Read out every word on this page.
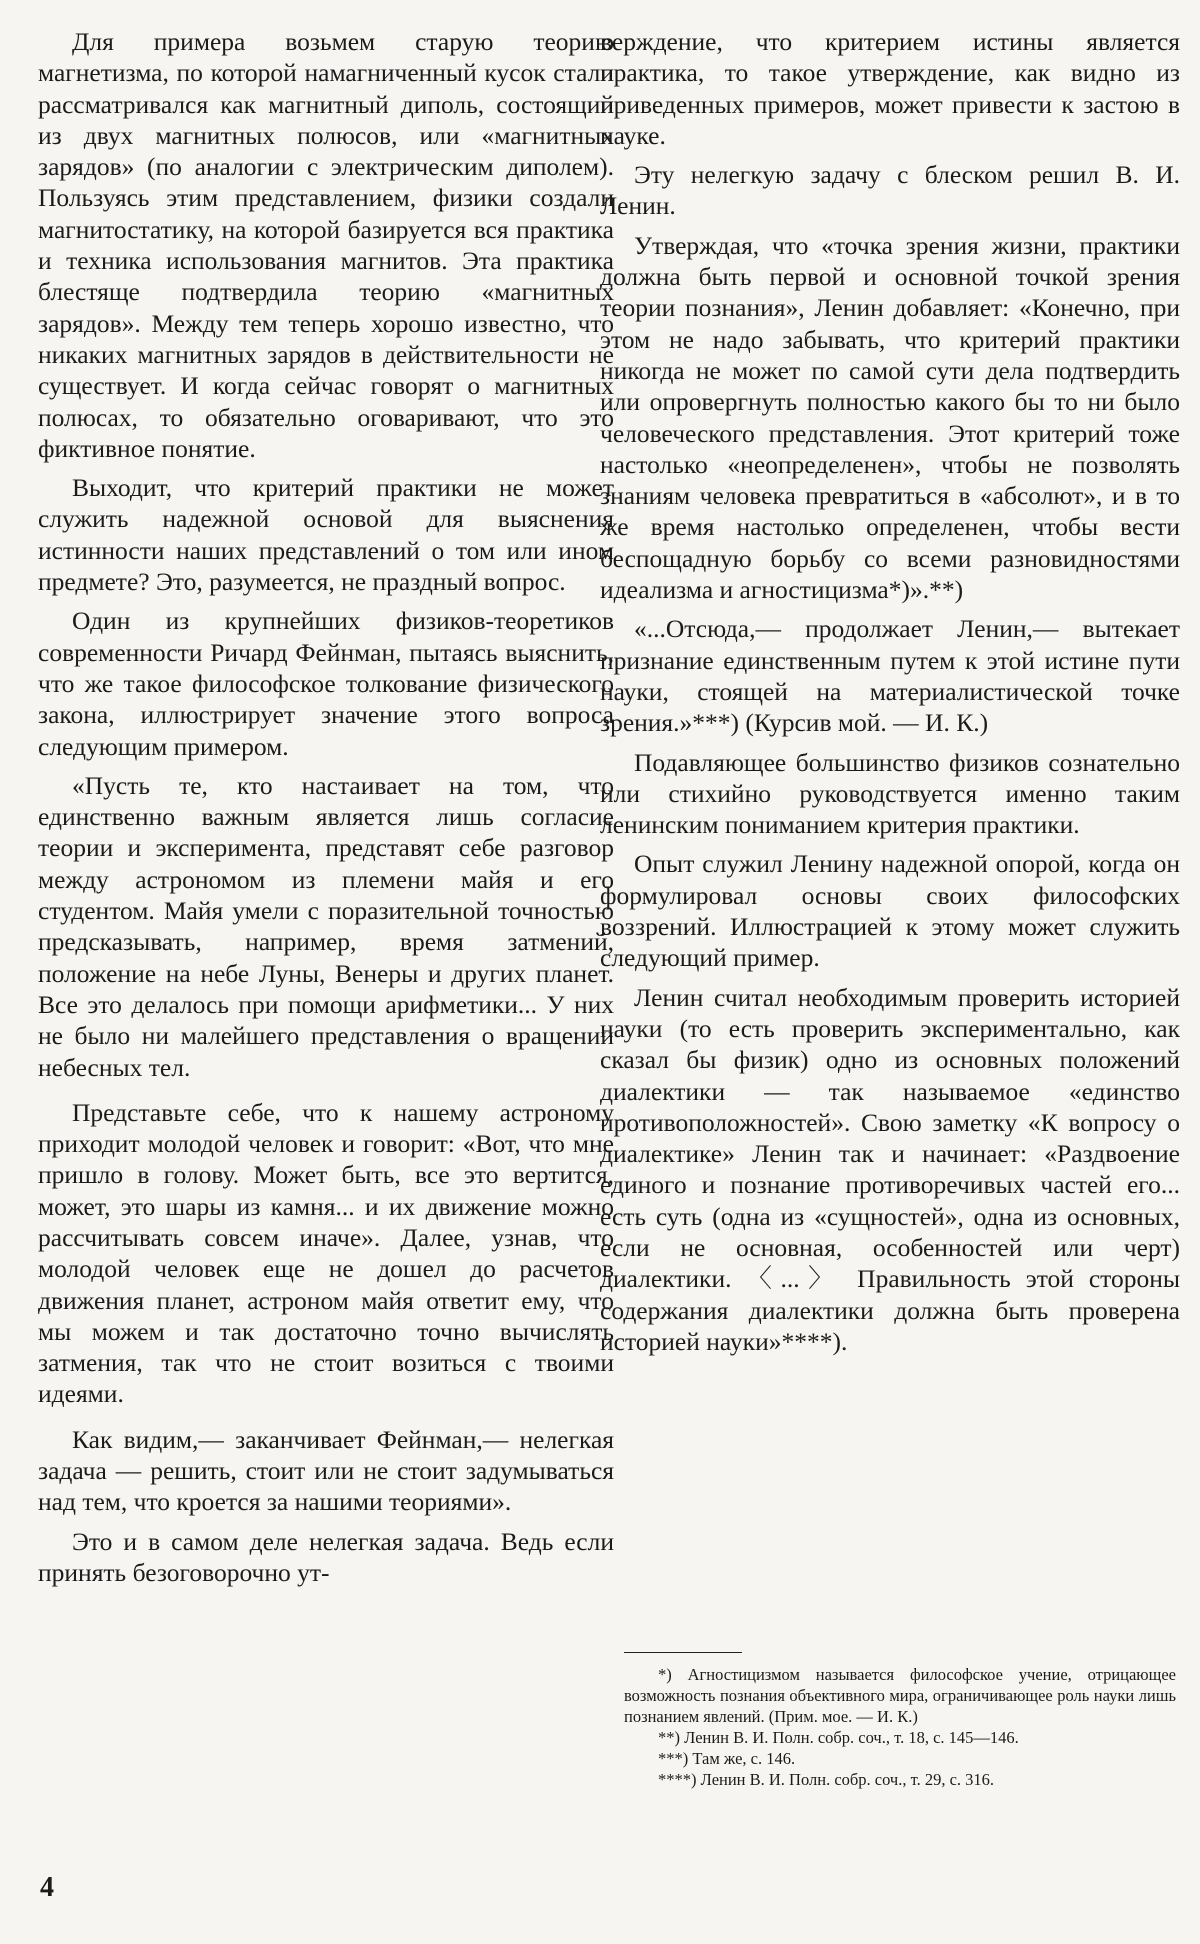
Для примера возьмем старую теорию магнетизма, по которой намагниченный кусок стали рассматривался как магнитный диполь, состоящий из двух магнитных полюсов, или «магнитных зарядов» (по аналогии с электрическим диполем). Пользуясь этим представлением, физики создали магнитостатику, на которой базируется вся практика и техника использования магнитов. Эта практика блестяще подтвердила теорию «магнитных зарядов». Между тем теперь хорошо известно, что никаких магнитных зарядов в действительности не существует. И когда сейчас говорят о магнитных полюсах, то обязательно оговаривают, что это фиктивное понятие.

Выходит, что критерий практики не может служить надежной основой для выяснения истинности наших представлений о том или ином предмете? Это, разумеется, не праздный вопрос.

Один из крупнейших физиков-теоретиков современности Ричард Фейнман, пытаясь выяснить, что же такое философское толкование физического закона, иллюстрирует значение этого вопроса следующим примером.

«Пусть те, кто настаивает на том, что единственно важным является лишь согласие теории и эксперимента, представят себе разговор между астрономом из племени майя и его студентом. Майя умели с поразительной точностью предсказывать, например, время затмений, положение на небе Луны, Венеры и других планет. Все это делалось при помощи арифметики... У них не было ни малейшего представления о вращении небесных тел.

Представьте себе, что к нашему астроному приходит молодой человек и говорит: «Вот, что мне пришло в голову. Может быть, все это вертится, может, это шары из камня... и их движение можно рассчитывать совсем иначе». Далее, узнав, что молодой человек еще не дошел до расчетов движения планет, астроном майя ответит ему, что мы можем и так достаточно точно вычислять затмения, так что не стоит возиться с твоими идеями.

Как видим,— заканчивает Фейнман,— нелегкая задача — решить, стоит или не стоит задумываться над тем, что кроется за нашими теориями».

Это и в самом деле нелегкая задача. Ведь если принять безоговорочно ут-

верждение, что критерием истины является практика, то такое утверждение, как видно из приведенных примеров, может привести к застою в науке.

Эту нелегкую задачу с блеском решил В. И. Ленин.

Утверждая, что «точка зрения жизни, практики должна быть первой и основной точкой зрения теории познания», Ленин добавляет: «Конечно, при этом не надо забывать, что критерий практики никогда не может по самой сути дела подтвердить или опровергнуть полностью какого бы то ни было человеческого представления. Этот критерий тоже настолько «неопределенен», чтобы не позволять знаниям человека превратиться в «абсолют», и в то же время настолько определенен, чтобы вести беспощадную борьбу со всеми разновидностями идеализма и агностицизма*)».**)

«...Отсюда,— продолжает Ленин,— вытекает признание единственным путем к этой истине пути науки, стоящей на материалистической точке зрения.»***) (Курсив мой. — И. К.)

Подавляющее большинство физиков сознательно или стихийно руководствуется именно таким ленинским пониманием критерия практики.

Опыт служил Ленину надежной опорой, когда он формулировал основы своих философских воззрений. Иллюстрацией к этому может служить следующий пример.

Ленин считал необходимым проверить историей науки (то есть проверить экспериментально, как сказал бы физик) одно из основных положений диалектики — так называемое «единство противоположностей». Свою заметку «К вопросу о диалектике» Ленин так и начинает: «Раздвоение единого и познание противоречивых частей его... есть суть (одна из «сущностей», одна из основных, если не основная, особенностей или черт) диалектики. 〈...〉 Правильность этой стороны содержания диалектики должна быть проверена историей науки»****).

*) Агностицизмом называется философское учение, отрицающее возможность познания объективного мира, ограничивающее роль науки лишь познанием явлений. (Прим. мое. — И. К.)

**) Ленин В. И. Полн. собр. соч., т. 18, с. 145—146.

***) Там же, с. 146.

****) Ленин В. И. Полн. собр. соч., т. 29, с. 316.

4
